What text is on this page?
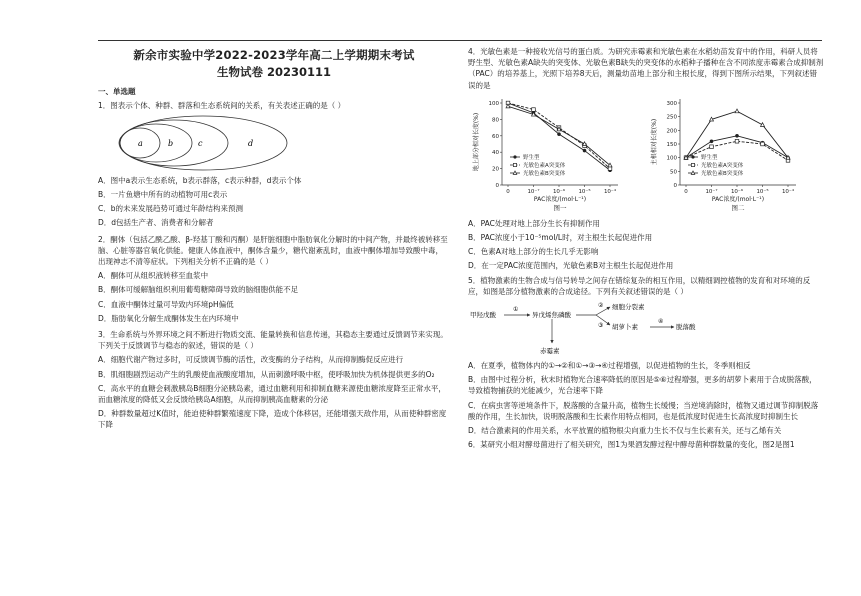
新余市实验中学2022-2023学年高二上学期期末考试
生物试卷 20230111
一、单选题
1．图表示个体、种群、群落和生态系统间的关系，有关表述正确的是（ ）
a	b	c	d
A．图中a表示生态系统，b表示群落，c表示种群，d表示个体
B．一片鱼塘中所有的动植物可用c表示
C．b的未来发展趋势可通过年龄结构来预测
D．d包括生产者、消费者和分解者
2．酮体（包括乙酰乙酸、β-羟基丁酸和丙酮）是肝脏细胞中脂肪氧化分解时的中间产物，并最终被转移至脑、心脏等器官氧化供能。健康人体血液中，酮体含量少，糖代谢紊乱时，血液中酮体增加导致酸中毒，出现神志不清等症状。下列相关分析不正确的是（ ）
A．酮体可从组织液转移至血浆中
B．酮体可缓解脑组织利用葡萄糖障碍导致的脑细胞供能不足
C．血液中酮体过量可导致内环境pH偏低
D．脂肪氧化分解生成酮体发生在内环境中
3．生命系统与外界环境之间不断进行物质交流、能量转换和信息传递，其稳态主要通过反馈调节来实现。下列关于反馈调节与稳态的叙述，错误的是（ ）
A．细胞代谢产物过多时，可反馈调节酶的活性，改变酶的分子结构，从而抑制酶促反应进行
B．肌细胞剧烈运动产生的乳酸使血液酸度增加，从而刺激呼吸中枢，使呼吸加快为机体提供更多的O₂
C．高水平的血糖会刺激胰岛B细胞分泌胰岛素，通过血糖利用和抑制血糖来源使血糖浓度降至正常水平，而血糖浓度的降低又会反馈给胰岛A细胞，从而抑制胰高血糖素的分泌
D．种群数量超过K值时，能迫使种群繁殖速度下降，造成个体移居，还能增强天敌作用，从而使种群密度下降
4．光敏色素是一种接收光信号的蛋白质。为研究赤霉素和光敏色素在水稻幼苗发育中的作用，科研人员将野生型、光敏色素A缺失的突变体、光敏色素B缺失的突变体的水稻种子播种在含不同浓度赤霉素合成抑制剂（PAC）的培养基上，光照下培养8天后，测量幼苗地上部分和主根长度，得到下图所示结果，下列叙述错误的是
0
20
40
60
80
100
0	10⁻⁷ 10⁻⁶ 10⁻⁵ 10⁻⁴
地上部分相对长度(%)
PAC浓度/(mol·L⁻¹)
图一
野生型
光敏色素A突变体
光敏色素B突变体
0
50
100
150
200
250
300
0	10⁻⁷ 10⁻⁶ 10⁻⁵ 10⁻⁴
主根相对长度(%)
PAC浓度/(mol·L⁻¹)
图二
野生型
光敏色素A突变体
光敏色素B突变体
A．PAC处理对地上部分生长有抑制作用
B．PAC浓度小于10⁻⁵mol/L时，对主根生长起促进作用
C．色素A对地上部分的生长几乎无影响
D．在一定PAC浓度范围内，光敏色素B对主根生长起促进作用
5．植物激素的生物合成与信号转导之间存在错综复杂的相互作用，以精细调控植物的发育和对环境的反应，如图是部分植物激素的合成途径。下列有关叙述错误的是（ ）
甲羟戊酸
①
异戊烯焦磷酸
② 细胞分裂素
③ 胡萝卜素
④
脱落酸
赤霉素
A．在夏季，植物体内的①→②和①→③→④过程增强，以促进植物的生长，冬季则相反
B．由图中过程分析，秋末时植物光合速率降低的原因是⑤⑥过程增强，更多的胡萝卜素用于合成脱落酸，导致植物捕获的光能减少，光合速率下降
C．在病虫害等逆境条件下，脱落酸的含量升高，植物生长缓慢；当逆境消除时，植物又通过调节抑制脱落酸的作用，生长加快，说明脱落酸和生长素作用特点相同，也是低浓度时促进生长高浓度时抑制生长
D．结合激素间的作用关系，水平放置的植物根尖向重力生长不仅与生长素有关，还与乙烯有关
6．某研究小组对酵母菌进行了相关研究，图1为果酒发酵过程中酵母菌种群数量的变化，图2是图1
